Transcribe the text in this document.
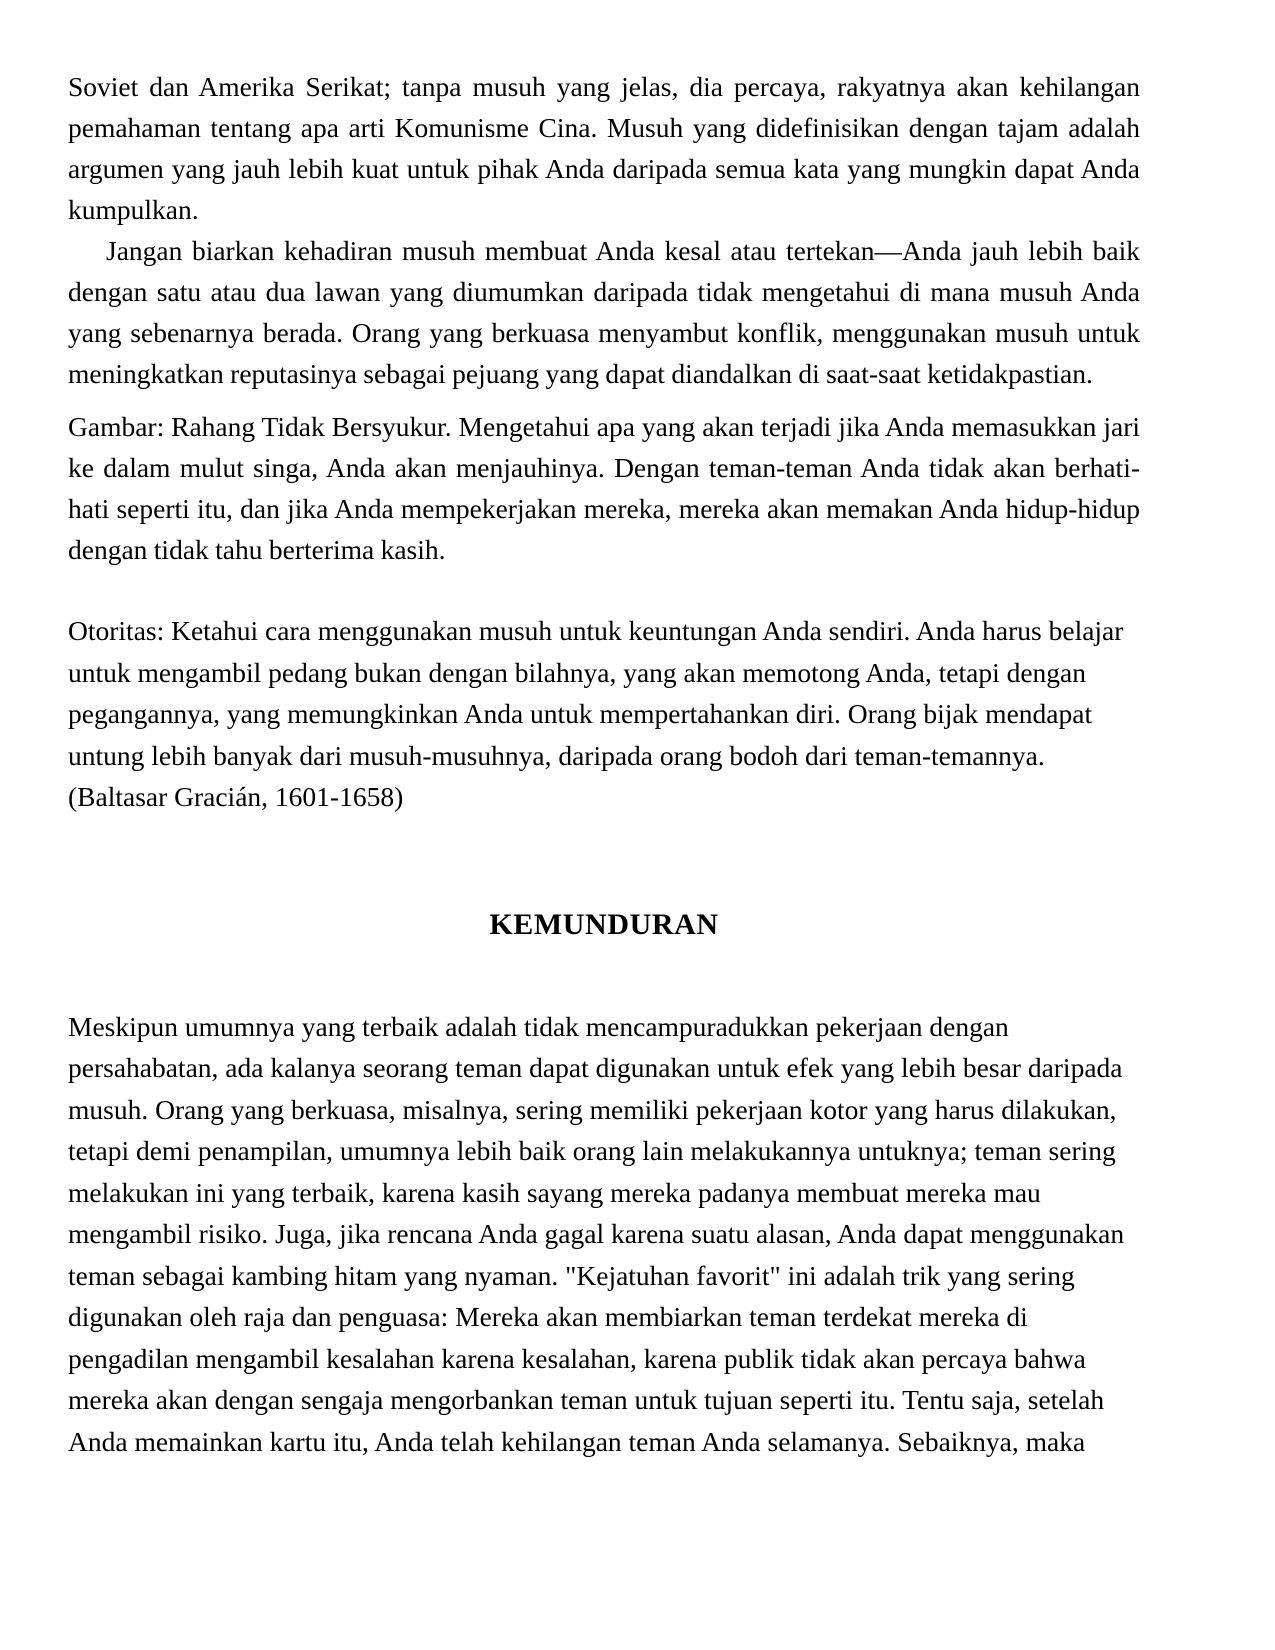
Soviet dan Amerika Serikat; tanpa musuh yang jelas, dia percaya, rakyatnya akan kehilangan pemahaman tentang apa arti Komunisme Cina. Musuh yang didefinisikan dengan tajam adalah argumen yang jauh lebih kuat untuk pihak Anda daripada semua kata yang mungkin dapat Anda kumpulkan.

Jangan biarkan kehadiran musuh membuat Anda kesal atau tertekan—Anda jauh lebih baik dengan satu atau dua lawan yang diumumkan daripada tidak mengetahui di mana musuh Anda yang sebenarnya berada. Orang yang berkuasa menyambut konflik, menggunakan musuh untuk meningkatkan reputasinya sebagai pejuang yang dapat diandalkan di saat-saat ketidakpastian.

Gambar: Rahang Tidak Bersyukur. Mengetahui apa yang akan terjadi jika Anda memasukkan jari ke dalam mulut singa, Anda akan menjauhinya. Dengan teman-teman Anda tidak akan berhati-hati seperti itu, dan jika Anda mempekerjakan mereka, mereka akan memakan Anda hidup-hidup dengan tidak tahu berterima kasih.

Otoritas: Ketahui cara menggunakan musuh untuk keuntungan Anda sendiri. Anda harus belajar untuk mengambil pedang bukan dengan bilahnya, yang akan memotong Anda, tetapi dengan pegangannya, yang memungkinkan Anda untuk mempertahankan diri. Orang bijak mendapat untung lebih banyak dari musuh-musuhnya, daripada orang bodoh dari teman-temannya. (Baltasar Gracián, 1601-1658)

KEMUNDURAN

Meskipun umumnya yang terbaik adalah tidak mencampuradukkan pekerjaan dengan persahabatan, ada kalanya seorang teman dapat digunakan untuk efek yang lebih besar daripada musuh. Orang yang berkuasa, misalnya, sering memiliki pekerjaan kotor yang harus dilakukan, tetapi demi penampilan, umumnya lebih baik orang lain melakukannya untuknya; teman sering melakukan ini yang terbaik, karena kasih sayang mereka padanya membuat mereka mau mengambil risiko. Juga, jika rencana Anda gagal karena suatu alasan, Anda dapat menggunakan teman sebagai kambing hitam yang nyaman. "Kejatuhan favorit" ini adalah trik yang sering digunakan oleh raja dan penguasa: Mereka akan membiarkan teman terdekat mereka di pengadilan mengambil kesalahan karena kesalahan, karena publik tidak akan percaya bahwa mereka akan dengan sengaja mengorbankan teman untuk tujuan seperti itu. Tentu saja, setelah Anda memainkan kartu itu, Anda telah kehilangan teman Anda selamanya. Sebaiknya, maka
